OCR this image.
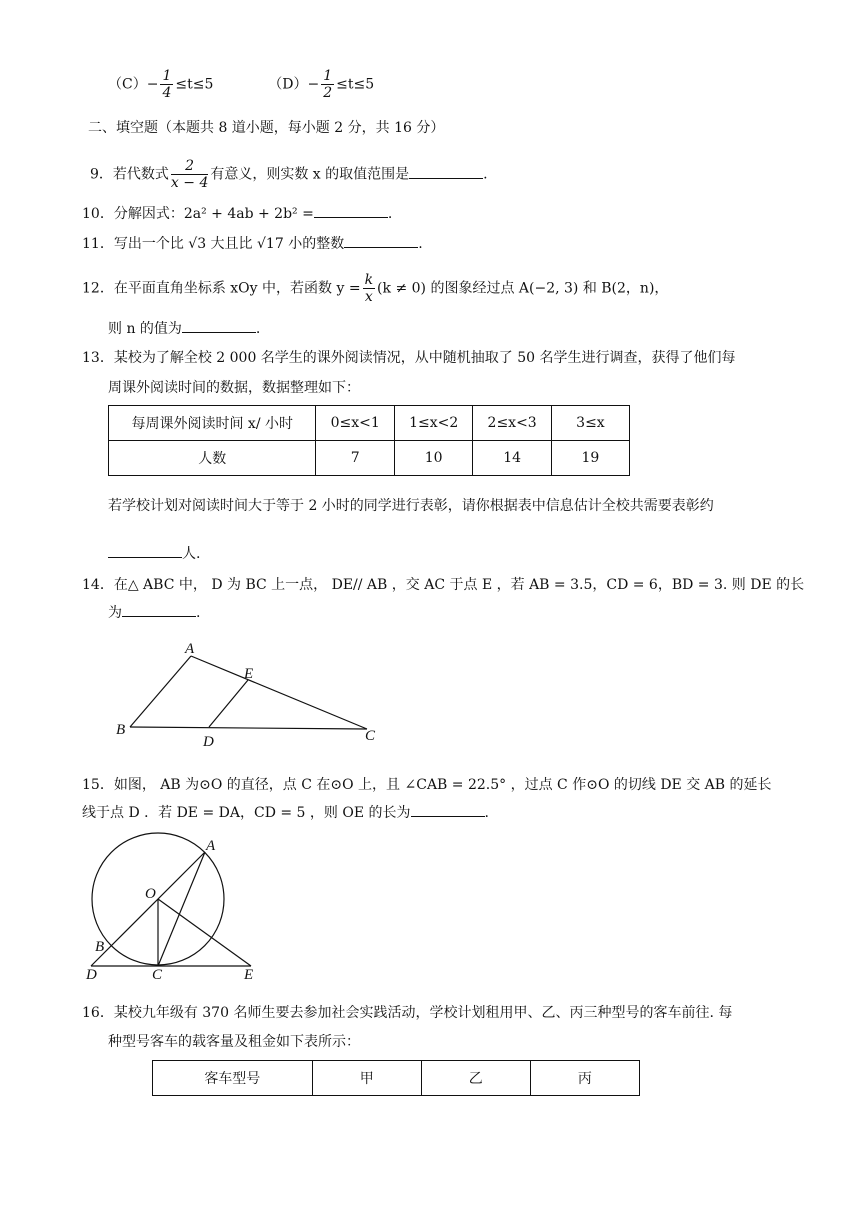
$(C)- \frac{1}{4} \le t\le 5$	$(D)- \frac{1}{2} \le t\le 5$
二、填空题（本题共 8 道小题，每小题 2 分，共 16 分）
9．若代数式 $\frac{2}{x - 4}$ 有意义，则实数 x 的取值范围是	.
10．分解因式：2a² + 4ab + 2b² =	.
11．写出一个比 √3 大且比 √17 小的整数	.
12．在平面直角坐标系 xOy 中，若函数 $y = \frac{k}{x} (k \ne 0)$ 的图象经过点 A(−2, 3) 和 B(2，n)，
则 n 的值为	.
13．某校为了解全校 2 000 名学生的课外阅读情况，从中随机抽取了 50 名学生进行调查，获得了他们每
周课外阅读时间的数据，数据整理如下：
每周课外阅读时间 x/ 小时	0≤x<1	1≤x<2	2≤x<3	3≤x
人数	7	10	14	19
若学校计划对阅读时间大于等于 2 小时的同学进行表彰，请你根据表中信息估计全校共需要表彰约
人.
14．在△ ABC 中， D 为 BC 上一点， DE// AB ，交 AC 于点 E ，若 AB = 3.5，CD = 6，BD = 3. 则 DE 的长
为	.
A
E
B
D	C
15．如图， AB 为⊙O 的直径，点 C 在⊙O 上，且 ∠CAB = 22.5° ，过点 C 作⊙O 的切线 DE 交 AB 的延长
线于点 D ．若 DE = DA，CD = 5 ，则 OE 的长为	.
A
O
B
D	C	E
16．某校九年级有 370 名师生要去参加社会实践活动，学校计划租用甲、乙、丙三种型号的客车前往. 每
种型号客车的载客量及租金如下表所示：
客车型号	甲	乙	丙
